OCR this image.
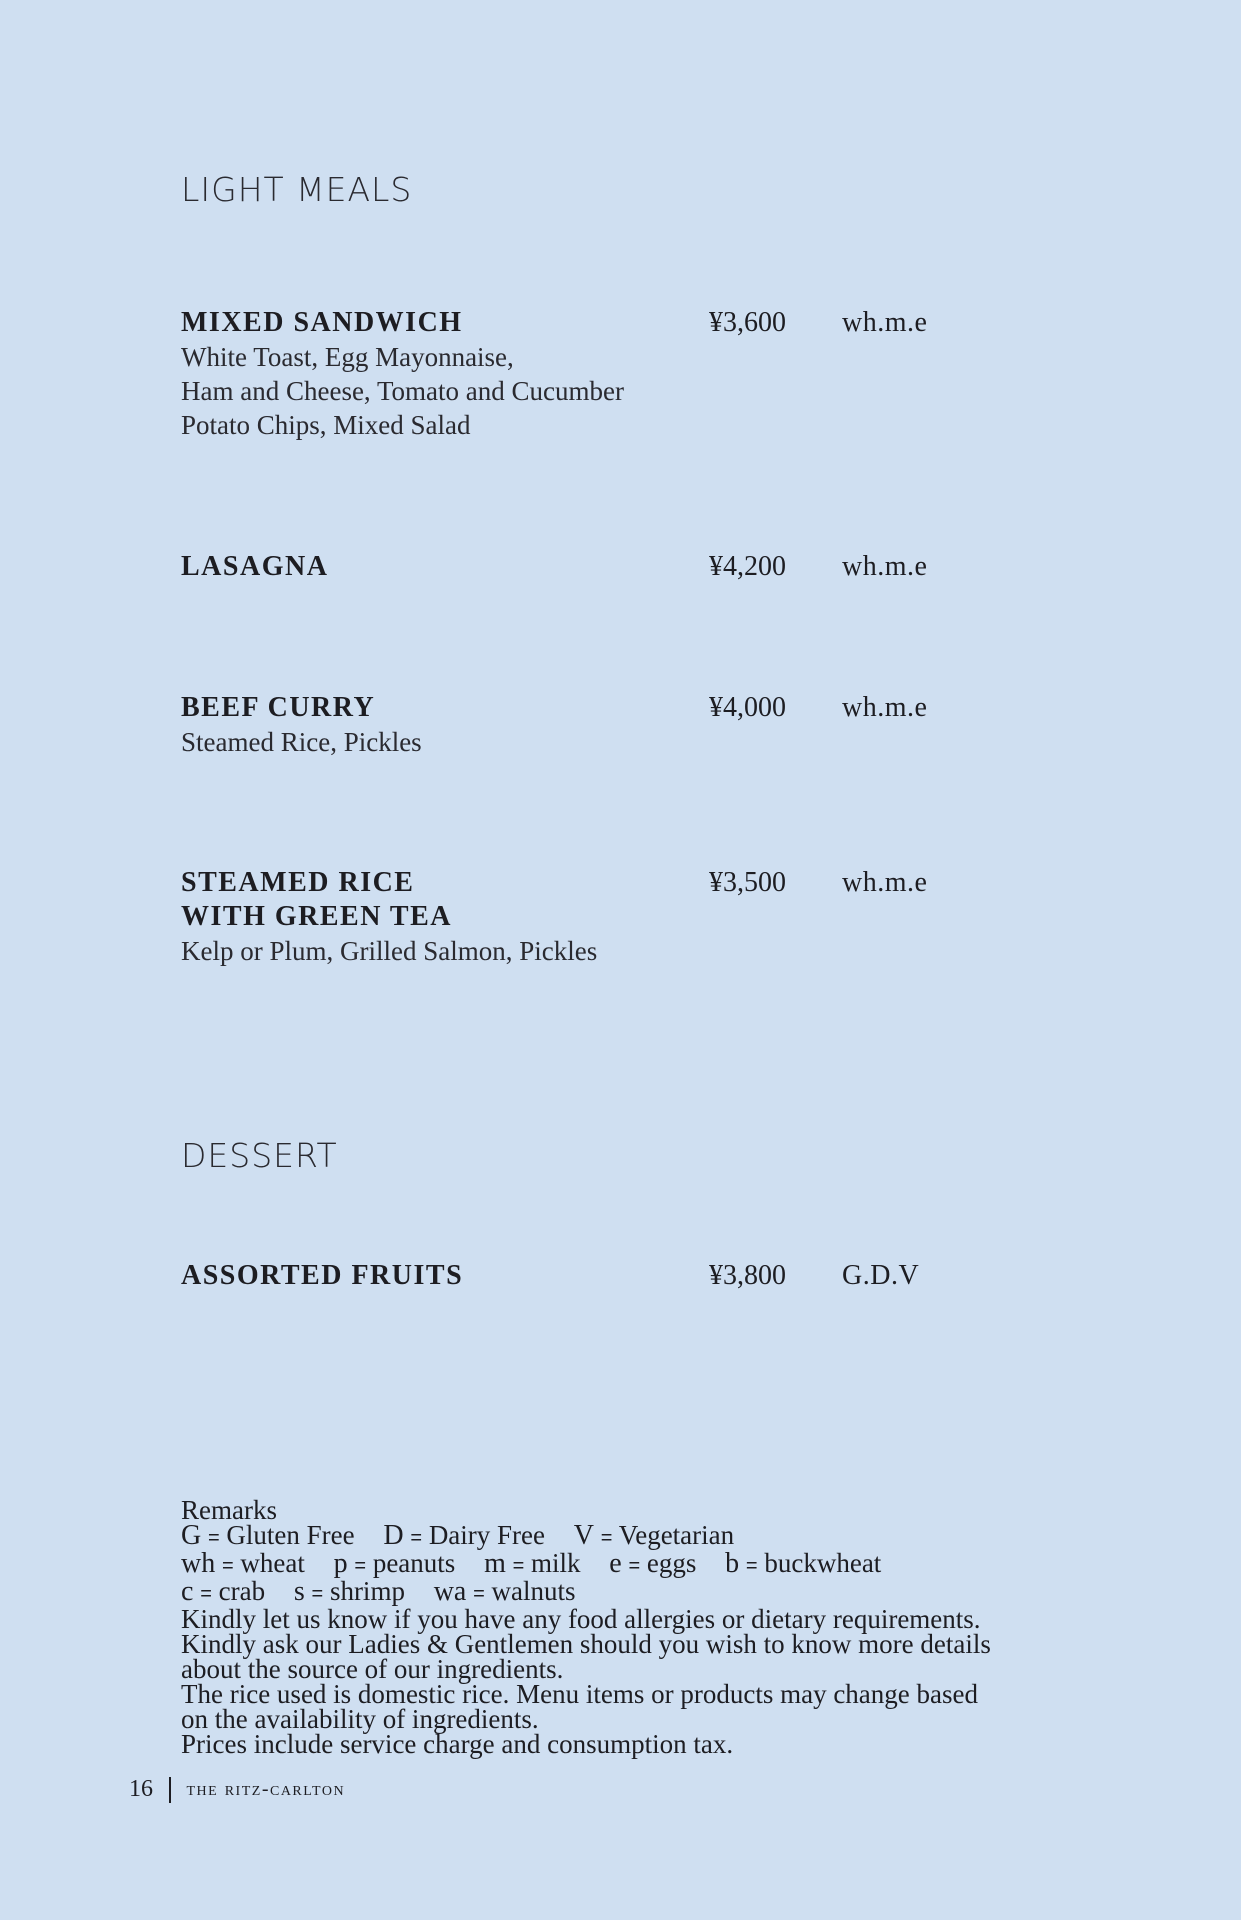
LIGHT MEALS
DESSERT
MIXED SANDWICH
White Toast, Egg Mayonnaise,
Ham and Cheese, Tomato and Cucumber
Potato Chips, Mixed Salad
¥3,600 wh.m.e
LASAGNA	¥4,200 wh.m.e
BEEF CURRY
Steamed Rice, Pickles
¥4,000 wh.m.e
STEAMED RICE
WITH GREEN TEA
Kelp or Plum, Grilled Salmon, Pickles
¥3,500 wh.m.e
ASSORTED FRUITS	¥3,800 G.D.V
Remarks
G = Gluten Free D = Dairy Free V = Vegetarian
wh = wheat p = peanuts m = milk e = eggs b = buckwheat
c = crab s = shrimp wa = walnuts
Kindly let us know if you have any food allergies or dietary requirements.
Kindly ask our Ladies & Gentlemen should you wish to know more details
about the source of our ingredients.
The rice used is domestic rice. Menu items or products may change based
on the availability of ingredients.
Prices include service charge and consumption tax.
16 the ritz-carlton
